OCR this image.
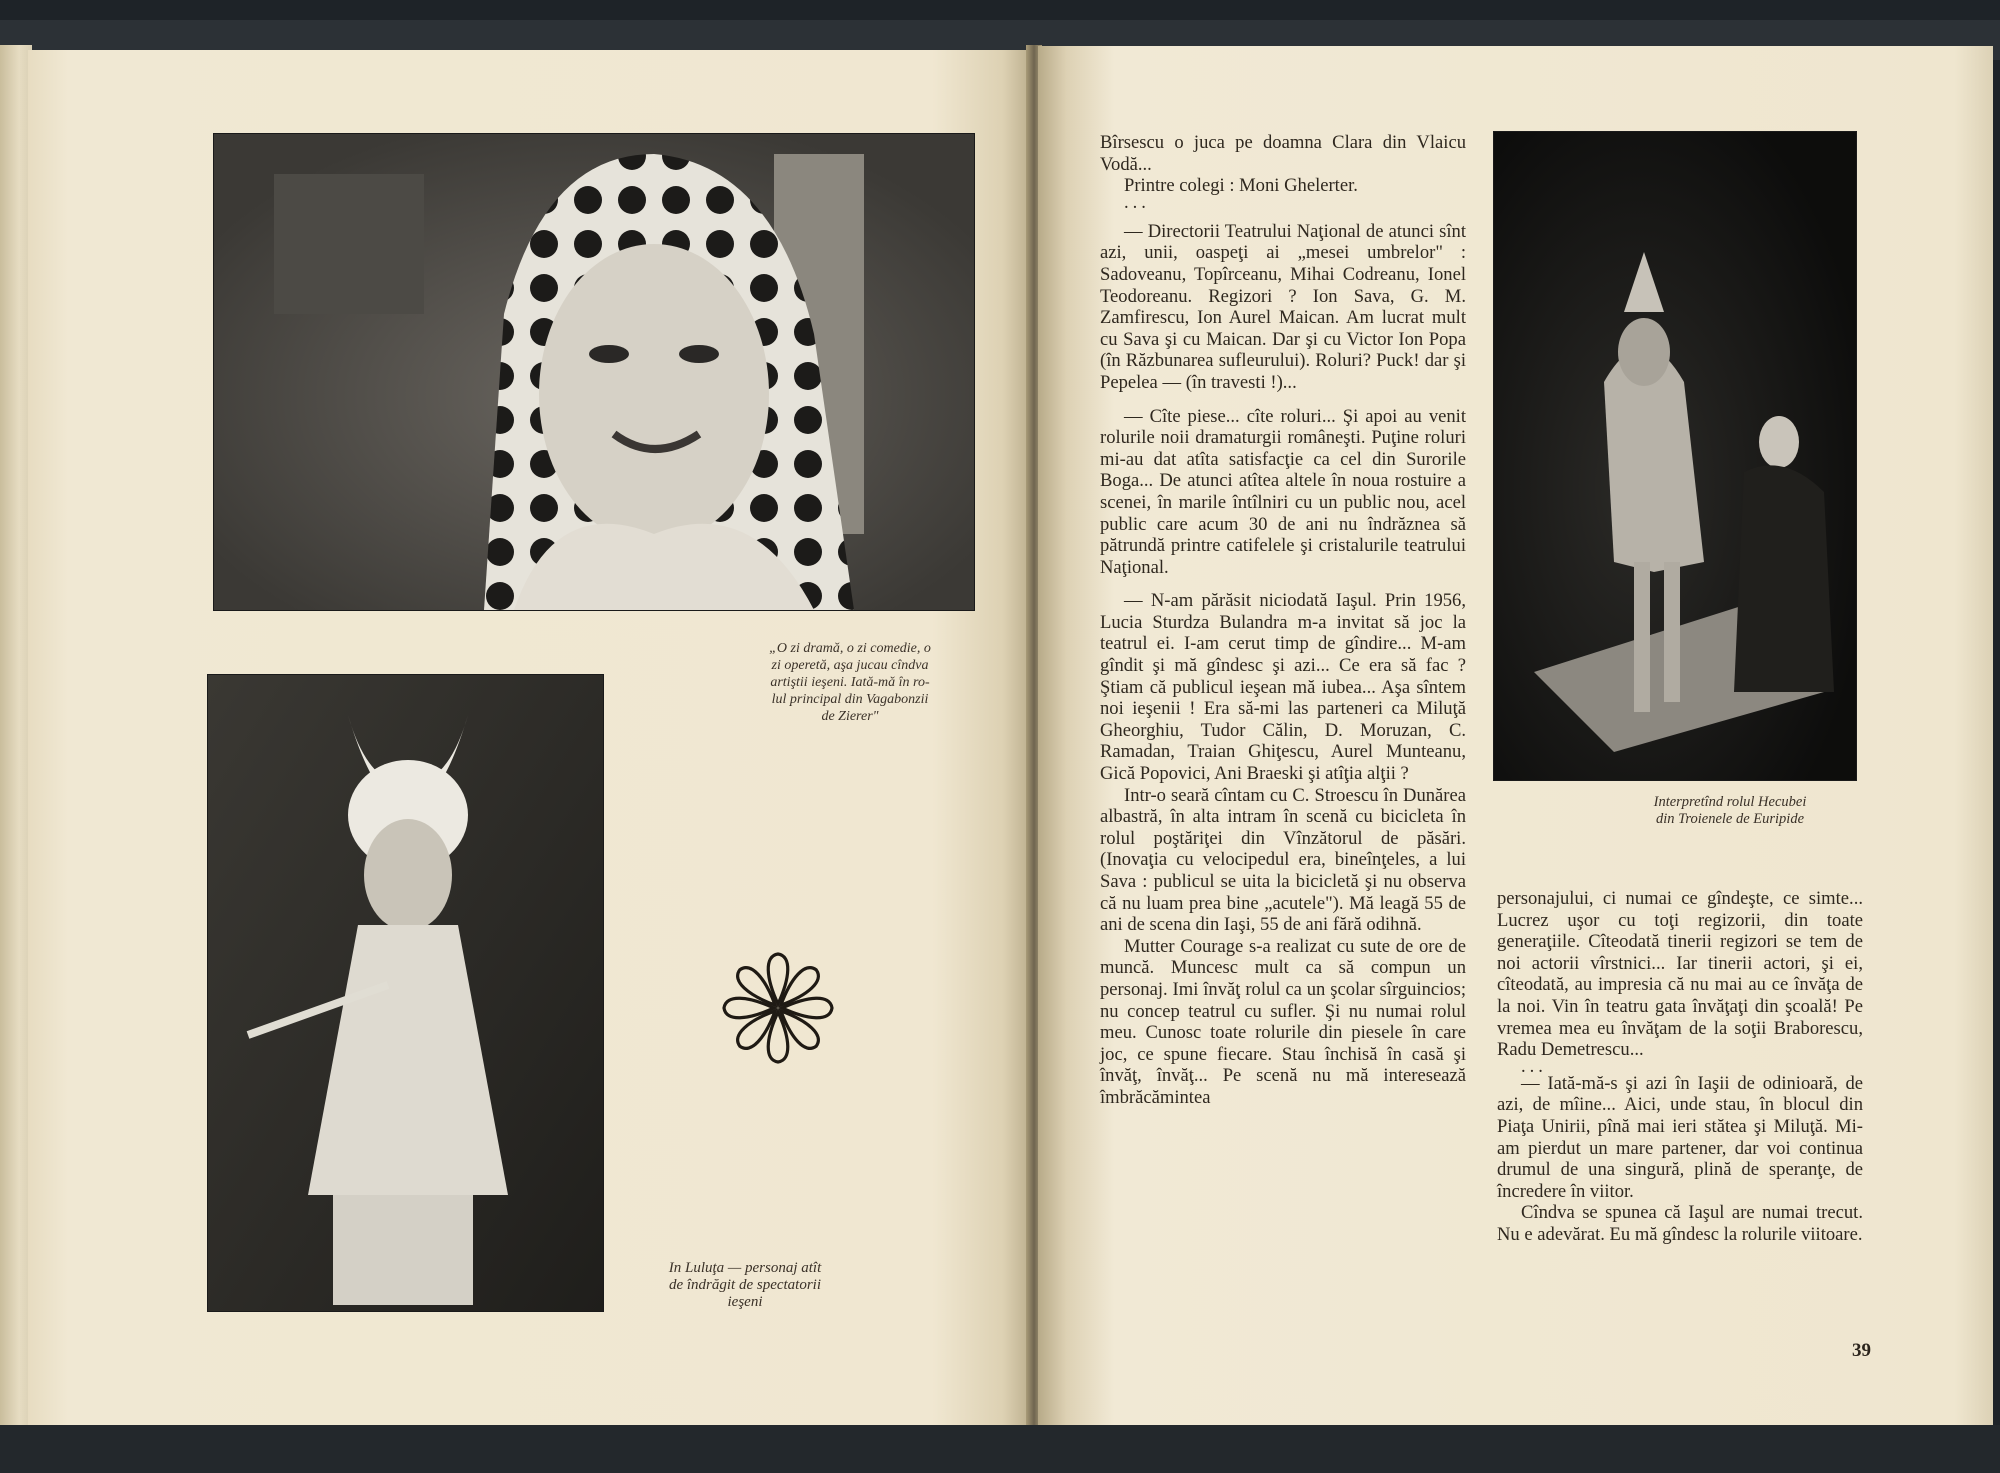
„O zi dramă, o zi comedie, o
zi operetă, aşa jucau cîndva
artiştii ieşeni. Iată-mă în ro-
lul principal din Vagabonzii
de Zierer"
In Luluţa — personaj atît
de îndrăgit de spectatorii
ieşeni

Bîrsescu o juca pe doamna Clara din Vlaicu Vodă...

Printre colegi : Moni Ghelerter.

...

— Directorii Teatrului Naţional de atunci sînt azi, unii, oaspeţi ai „mesei umbrelor" : Sadoveanu, Topîrceanu, Mihai Codreanu, Ionel Teodoreanu. Regizori ? Ion Sava, G. M. Zamfirescu, Ion Aurel Maican. Am lucrat mult cu Sava şi cu Maican. Dar şi cu Victor Ion Popa (în Răzbunarea sufleurului). Roluri? Puck! dar şi Pepelea — (în travesti !)...

— Cîte piese... cîte roluri... Şi apoi au venit rolurile noii dramaturgii româneşti. Puţine roluri mi-au dat atîta satisfacţie ca cel din Surorile Boga... De atunci atîtea altele în noua rostuire a scenei, în marile întîlniri cu un public nou, acel public care acum 30 de ani nu îndrăznea să pătrundă printre catifelele şi cristalurile teatrului Naţional.

— N-am părăsit niciodată Iaşul. Prin 1956, Lucia Sturdza Bulandra m-a invitat să joc la teatrul ei. I-am cerut timp de gîndire... M-am gîndit şi mă gîndesc şi azi... Ce era să fac ? Ştiam că publicul ieşean mă iubea... Aşa sîntem noi ieşenii ! Era să-mi las parteneri ca Miluţă Gheorghiu, Tudor Călin, D. Moruzan, C. Ramadan, Traian Ghiţescu, Aurel Munteanu, Gică Popovici, Ani Braeski şi atîţia alţii ?

Intr-o seară cîntam cu C. Stroescu în Dunărea albastră, în alta intram în scenă cu bicicleta în rolul poştăriţei din Vînzătorul de păsări. (Inovaţia cu velocipedul era, bineînţeles, a lui Sava : publicul se uita la bicicletă şi nu observa că nu luam prea bine „acutele"). Mă leagă 55 de ani de scena din Iaşi, 55 de ani fără odihnă.

Mutter Courage s-a realizat cu sute de ore de muncă. Muncesc mult ca să compun un personaj. Imi învăţ rolul ca un şcolar sîrguincios; nu concep teatrul cu sufler. Şi nu numai rolul meu. Cunosc toate rolurile din piesele în care joc, ce spune fiecare. Stau închisă în casă şi învăţ, învăţ... Pe scenă nu mă interesează îmbrăcămintea

Interpretînd rolul Hecubei
din Troienele de Euripide

personajului, ci numai ce gîndeşte, ce simte... Lucrez uşor cu toţi regizorii, din toate generaţiile. Cîteodată tinerii regizori se tem de noi actorii vîrstnici... Iar tinerii actori, şi ei, cîteodată, au impresia că nu mai au ce învăţa de la noi. Vin în teatru gata învăţaţi din şcoală! Pe vremea mea eu învăţam de la soţii Braborescu, Radu Demetrescu...

...

— Iată-mă-s şi azi în Iaşii de odinioară, de azi, de mîine... Aici, unde stau, în blocul din Piaţa Unirii, pînă mai ieri stătea şi Miluţă. Mi-am pierdut un mare partener, dar voi continua drumul de una singură, plină de speranţe, de încredere în viitor.

Cîndva se spunea că Iaşul are numai trecut. Nu e adevărat. Eu mă gîndesc la rolurile viitoare.

39
